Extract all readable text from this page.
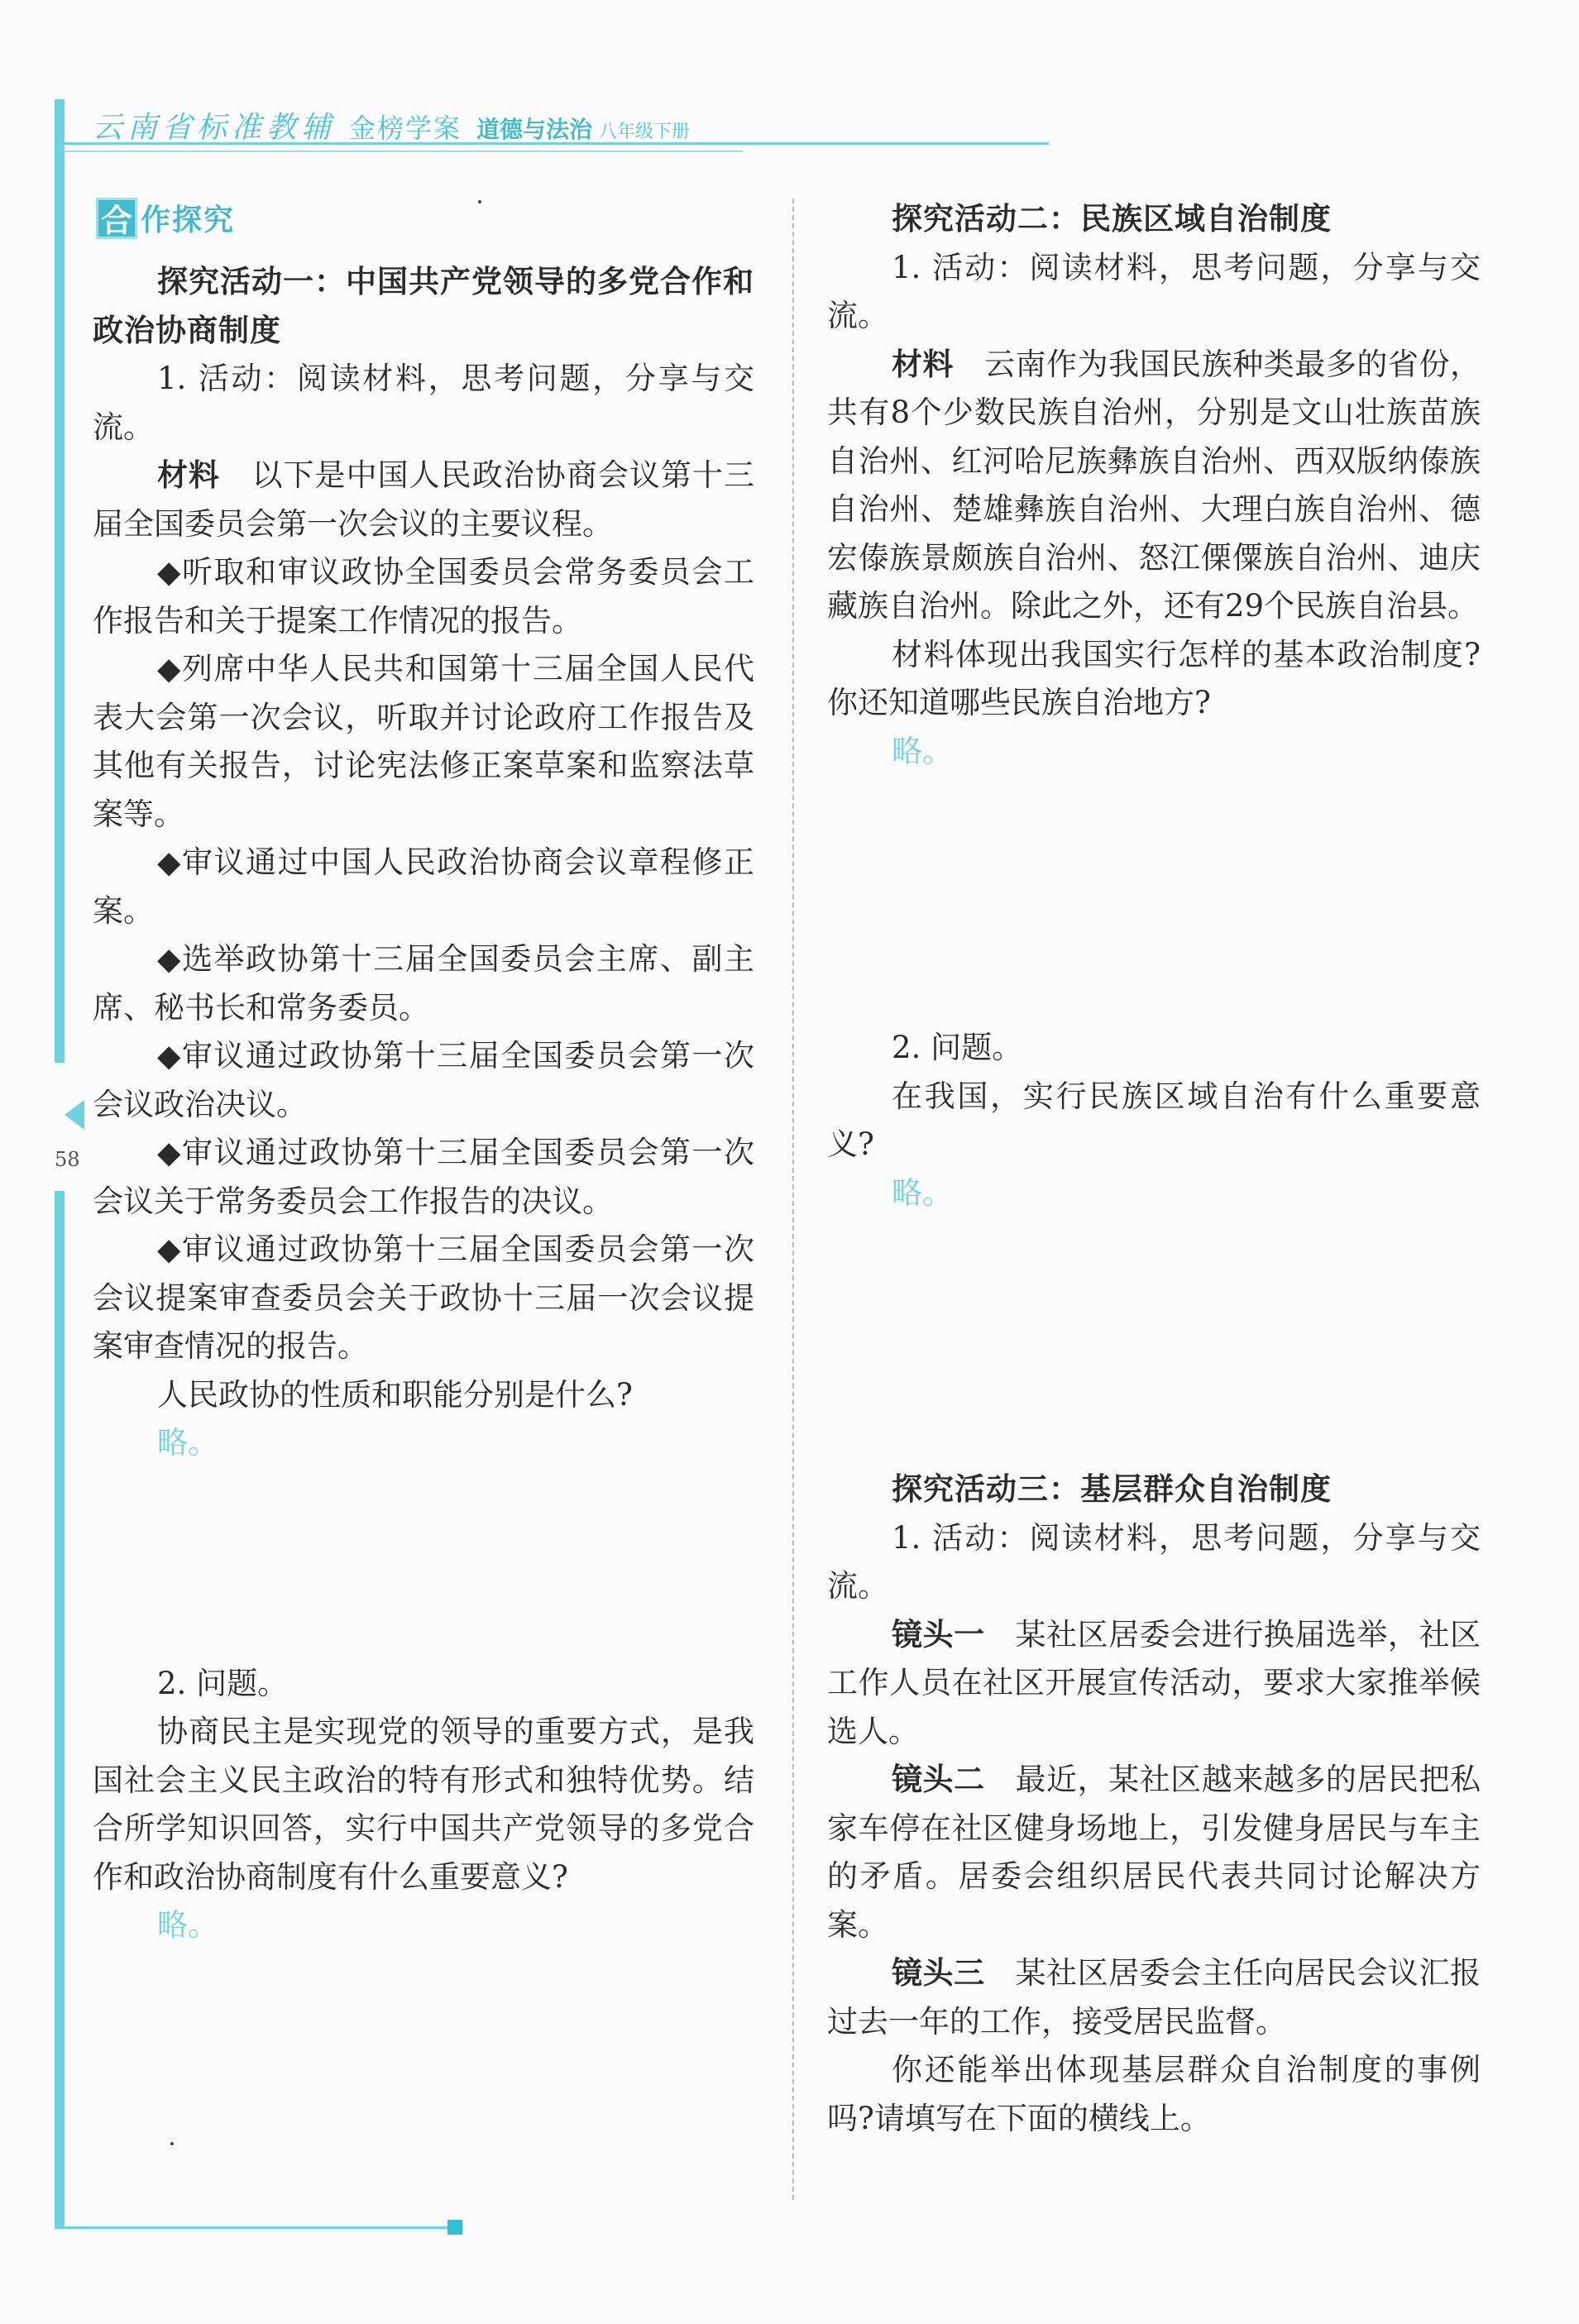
云南省标准教辅 金榜学案 道德与法治 八年级下册
58
合 作探究

探究活动一：中国共产党领导的多党合作和政治协商制度

1. 活动：阅读材料，思考问题，分享与交流。

材料 以下是中国人民政治协商会议第十三届全国委员会第一次会议的主要议程。

◆听取和审议政协全国委员会常务委员会工作报告和关于提案工作情况的报告。

◆列席中华人民共和国第十三届全国人民代表大会第一次会议，听取并讨论政府工作报告及其他有关报告，讨论宪法修正案草案和监察法草案等。

◆审议通过中国人民政治协商会议章程修正案。

◆选举政协第十三届全国委员会主席、副主席、秘书长和常务委员。

◆审议通过政协第十三届全国委员会第一次会议政治决议。

◆审议通过政协第十三届全国委员会第一次会议关于常务委员会工作报告的决议。

◆审议通过政协第十三届全国委员会第一次会议提案审查委员会关于政协十三届一次会议提案审查情况的报告。

人民政协的性质和职能分别是什么?

略。

2. 问题。

协商民主是实现党的领导的重要方式，是我国社会主义民主政治的特有形式和独特优势。结合所学知识回答，实行中国共产党领导的多党合作和政治协商制度有什么重要意义?

略。

探究活动二：民族区域自治制度

1. 活动：阅读材料，思考问题，分享与交流。

材料 云南作为我国民族种类最多的省份，共有8个少数民族自治州，分别是文山壮族苗族自治州、红河哈尼族彝族自治州、西双版纳傣族自治州、楚雄彝族自治州、大理白族自治州、德宏傣族景颇族自治州、怒江傈僳族自治州、迪庆藏族自治州。除此之外，还有29个民族自治县。

材料体现出我国实行怎样的基本政治制度?你还知道哪些民族自治地方?

略。

2. 问题。

在我国，实行民族区域自治有什么重要意义?

略。

探究活动三：基层群众自治制度

1. 活动：阅读材料，思考问题，分享与交流。

镜头一 某社区居委会进行换届选举，社区工作人员在社区开展宣传活动，要求大家推举候选人。

镜头二 最近，某社区越来越多的居民把私家车停在社区健身场地上，引发健身居民与车主的矛盾。居委会组织居民代表共同讨论解决方案。

镜头三 某社区居委会主任向居民会议汇报过去一年的工作，接受居民监督。

你还能举出体现基层群众自治制度的事例吗?请填写在下面的横线上。
